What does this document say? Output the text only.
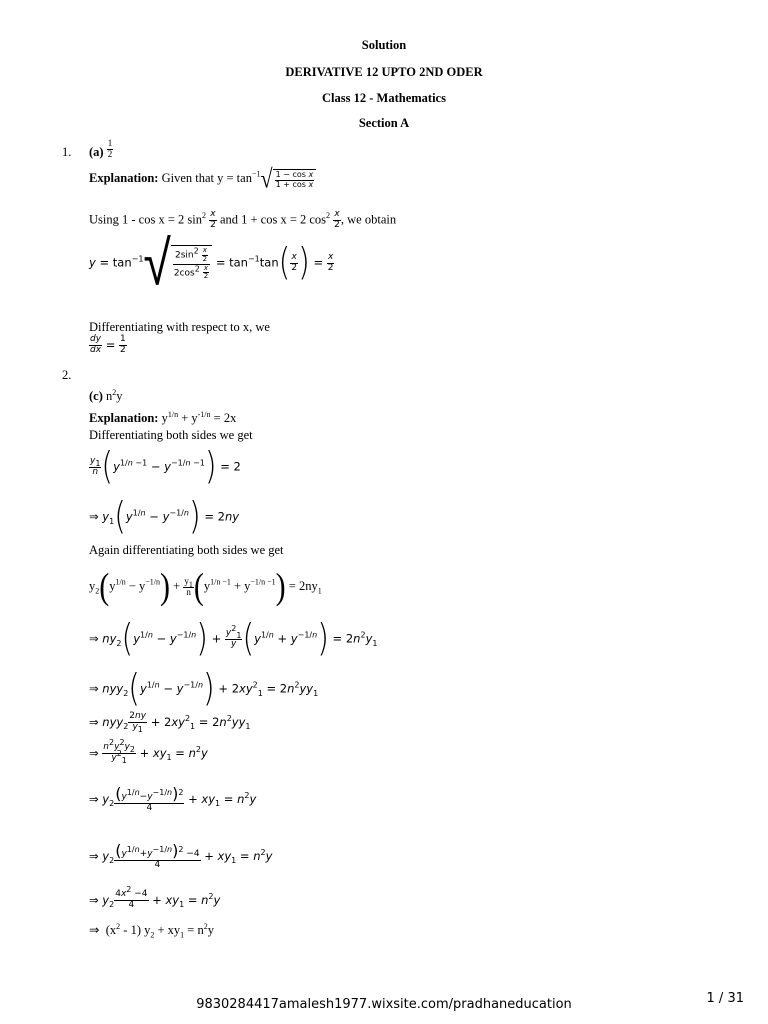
Solution
DERIVATIVE 12 UPTO 2ND ODER
Class 12 - Mathematics
Section A
1. $(a) \frac{1}{2}$
Explanation: Given that $y = \tan^{-1}√ \frac{\text{1 − cos x}}{\text{1 + cos x}}$
Using 1 - cos x = 2 $\sin^2 \frac{x}{2}$ and 1 + cos x = 2 $\cos^2 \frac{x}{2}$ , we obtain
$y = \tan^{-1}√ \frac{2\sin^2 \frac{x}{2}}{2\cos^2 \frac{x}{2}} = \tan^{-1}\tan( \frac{x}{2}$ ) = $\frac{x}{2}$
Differentiating with respect to x, we
$\frac{dy}{dx} = \frac{1}{2}$
2.
(c) $n^2y$
Explanation: $y^{1/n} + y^{-1/n} = 2x$
Differentiating both sides we get
$\frac{y_1}{n} (y^{1/n -1} - y^{-1/n -1}) = 2$
⇒ $y_1(y^{1/n} - y^{-1/n}) = 2ny$
Again differentiating both sides we get
$y_2(y^{1/n} - y^{-1/n}) + \frac{y_1}{n} (y^{1/n -1} + y^{-1/n -1}) = 2ny_1$
⇒ $ny_2(y^{1/n} - y^{-1/n}) + \frac{y^2_1}{y} (y^{1/n} + y^{-1/n}) = 2n^2y_1$
⇒ $nyy_2(y^{1/n} - y^{-1/n}) + 2xy^2_1 = 2n^2yy_1$
⇒ $nyy_2 \frac{2ny}{y_1} + 2xy^2_1 = 2n^2yy_1$
⇒ $\frac{n^2y^2y_2}{y^2_1} + xy_1 = n^2y$
⇒ $y_2 \frac{(y^{1/n}-y^{-1/n})^2}{4} + xy_1 = n^2y$
⇒ $y_2 \frac{(y^{1/n}+y^{-1/n})^2 -4}{4} + xy_1 = n^2y$
⇒ $y_2 \frac{4x^2 -4}{4} + xy_1 = n^2y$
⇒  $(x^2 - 1) y_2 + xy_1 = n^2y$
9830284417amalesh1977.wixsite.com/pradhaneducation	1 / 31
